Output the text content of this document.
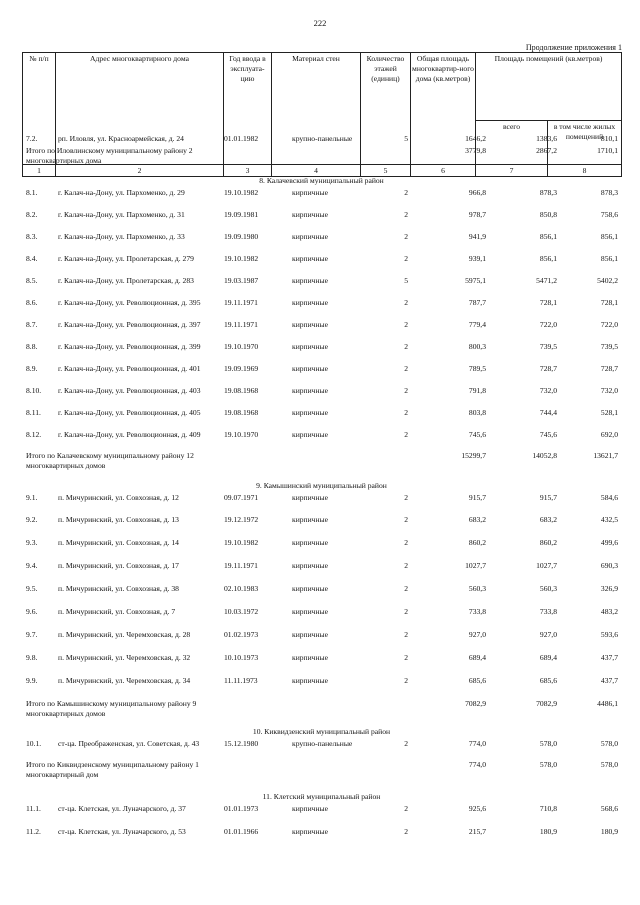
222
Продолжение приложения 1
№ п/п	Адрес многоквартирного дома	Год ввода в эксплуата-цию	Материал стен	Количество этажей (единиц)	Общая площадь многоквартир-ного дома (кв.метров)	Площадь помещений (кв.метров)	
						всего	в том числе жилых помещений
1	2	3	4	5	6	7	8
7.2.	рп. Иловля, ул. Красноармейская, д. 24	01.01.1982	крупно-панельные	5	1646,2	1383,6	810,1
Итого по Иловлинскому муниципальному району 2 многоквартирных дома
3779,8	2867,2	1710,1
8. Калачевский муниципальный район
8.1.	г. Калач-на-Дону, ул. Пархоменко, д. 29	19.10.1982	кирпичные	2	966,8	878,3	878,3
8.2.	г. Калач-на-Дону, ул. Пархоменко, д. 31	19.09.1981	кирпичные	2	978,7	850,8	758,6
8.3.	г. Калач-на-Дону, ул. Пархоменко, д. 33	19.09.1980	кирпичные	2	941,9	856,1	856,1
8.4.	г. Калач-на-Дону, ул. Пролетарская, д. 279	19.10.1982	кирпичные	2	939,1	856,1	856,1
8.5.	г. Калач-на-Дону, ул. Пролетарская, д. 283	19.03.1987	кирпичные	5	5975,1	5471,2	5402,2
8.6.	г. Калач-на-Дону, ул. Революционная, д. 395	19.11.1971	кирпичные	2	787,7	728,1	728,1
8.7.	г. Калач-на-Дону, ул. Революционная, д. 397	19.11.1971	кирпичные	2	779,4	722,0	722,0
8.8.	г. Калач-на-Дону, ул. Революционная, д. 399	19.10.1970	кирпичные	2	800,3	739,5	739,5
8.9.	г. Калач-на-Дону, ул. Революционная, д. 401	19.09.1969	кирпичные	2	789,5	728,7	728,7
8.10. г. Калач-на-Дону, ул. Революционная, д. 403	19.08.1968	кирпичные	2	791,8	732,0	732,0
8.11. г. Калач-на-Дону, ул. Революционная, д. 405	19.08.1968	кирпичные	2	803,8	744,4	528,1
8.12. г. Калач-на-Дону, ул. Революционная, д. 409	19.10.1970	кирпичные	2	745,6	745,6	692,0
Итого по Калачевскому муниципальному району 12 многоквартирных домов
15299,7	14052,8	13621,7
9. Камышинский муниципальный район
9.1.	п. Мичуринский, ул. Совхозная, д. 12	09.07.1971	кирпичные	2	915,7	915,7	584,6
9.2.	п. Мичуринский, ул. Совхозная, д. 13	19.12.1972	кирпичные	2	683,2	683,2	432,5
9.3.	п. Мичуринский, ул. Совхозная, д. 14	19.10.1982	кирпичные	2	860,2	860,2	499,6
9.4.	п. Мичуринский, ул. Совхозная, д. 17	19.11.1971	кирпичные	2	1027,7	1027,7	690,3
9.5.	п. Мичуринский, ул. Совхозная, д. 38	02.10.1983	кирпичные	2	560,3	560,3	326,9
9.6.	п. Мичуринский, ул. Совхозная, д. 7	10.03.1972	кирпичные	2	733,8	733,8	483,2
9.7.	п. Мичуринский, ул. Черемховская, д. 28	01.02.1973	кирпичные	2	927,0	927,0	593,6
9.8.	п. Мичуринский, ул. Черемховская, д. 32	10.10.1973	кирпичные	2	689,4	689,4	437,7
9.9.	п. Мичуринский, ул. Черемховская, д. 34	11.11.1973	кирпичные	2	685,6	685,6	437,7
Итого по Камышинскому муниципальному району 9 многоквартирных домов
7082,9	7082,9	4486,1
10. Киквидзенский муниципальный район
10.1. ст-ца. Преображенская, ул. Советская, д. 43	15.12.1980	крупно-панельные	2	774,0	578,0	578,0
Итого по Киквидзенскому муниципальному району 1 многоквартирный дом
774,0	578,0	578,0
11. Клетский муниципальный район
11.1. ст-ца. Клетская, ул. Луначарского, д. 37	01.01.1973	кирпичные	2	925,6	710,8	568,6
11.2. ст-ца. Клетская, ул. Луначарского, д. 53	01.01.1966	кирпичные	2	215,7	180,9	180,9
